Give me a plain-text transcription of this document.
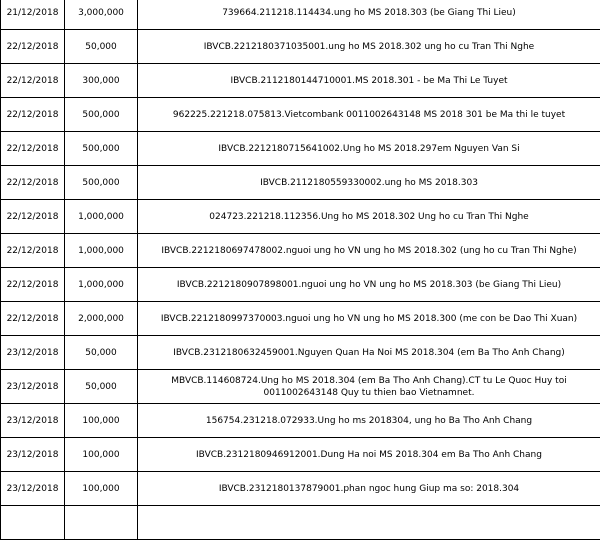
21/12/2018	3,000,000	739664.211218.114434.ung ho MS 2018.303 (be Giang Thi Lieu)
22/12/2018	50,000	IBVCB.2212180371035001.ung ho MS 2018.302 ung ho cu Tran Thi Nghe
22/12/2018	300,000	IBVCB.2112180144710001.MS 2018.301 - be Ma Thi Le Tuyet
22/12/2018	500,000	962225.221218.075813.Vietcombank 0011002643148 MS 2018 301 be Ma thi le tuyet
22/12/2018	500,000	IBVCB.2212180715641002.Ung ho MS 2018.297em Nguyen Van Si
22/12/2018	500,000	IBVCB.2112180559330002.ung ho MS 2018.303
22/12/2018	1,000,000	024723.221218.112356.Ung ho MS 2018.302 Ung ho cu Tran Thi Nghe
22/12/2018	1,000,000	IBVCB.2212180697478002.nguoi ung ho VN ung ho MS 2018.302 (ung ho cu Tran Thi Nghe)
22/12/2018	1,000,000	IBVCB.2212180907898001.nguoi ung ho VN ung ho MS 2018.303 (be Giang Thi Lieu)
22/12/2018	2,000,000	IBVCB.2212180997370003.nguoi ung ho VN ung ho MS 2018.300 (me con be Dao Thi Xuan)
23/12/2018	50,000	IBVCB.2312180632459001.Nguyen Quan Ha Noi MS 2018.304 (em Ba Tho Anh Chang)
23/12/2018	50,000	MBVCB.114608724.Ung ho MS 2018.304 (em Ba Tho Anh Chang).CT tu Le Quoc Huy toi 0011002643148 Quy tu thien bao Vietnamnet.
23/12/2018	100,000	156754.231218.072933.Ung ho ms 2018304, ung ho Ba Tho Anh Chang
23/12/2018	100,000	IBVCB.2312180946912001.Dung Ha noi MS 2018.304 em Ba Tho Anh Chang
23/12/2018	100,000	IBVCB.2312180137879001.phan ngoc hung Giup ma so: 2018.304
